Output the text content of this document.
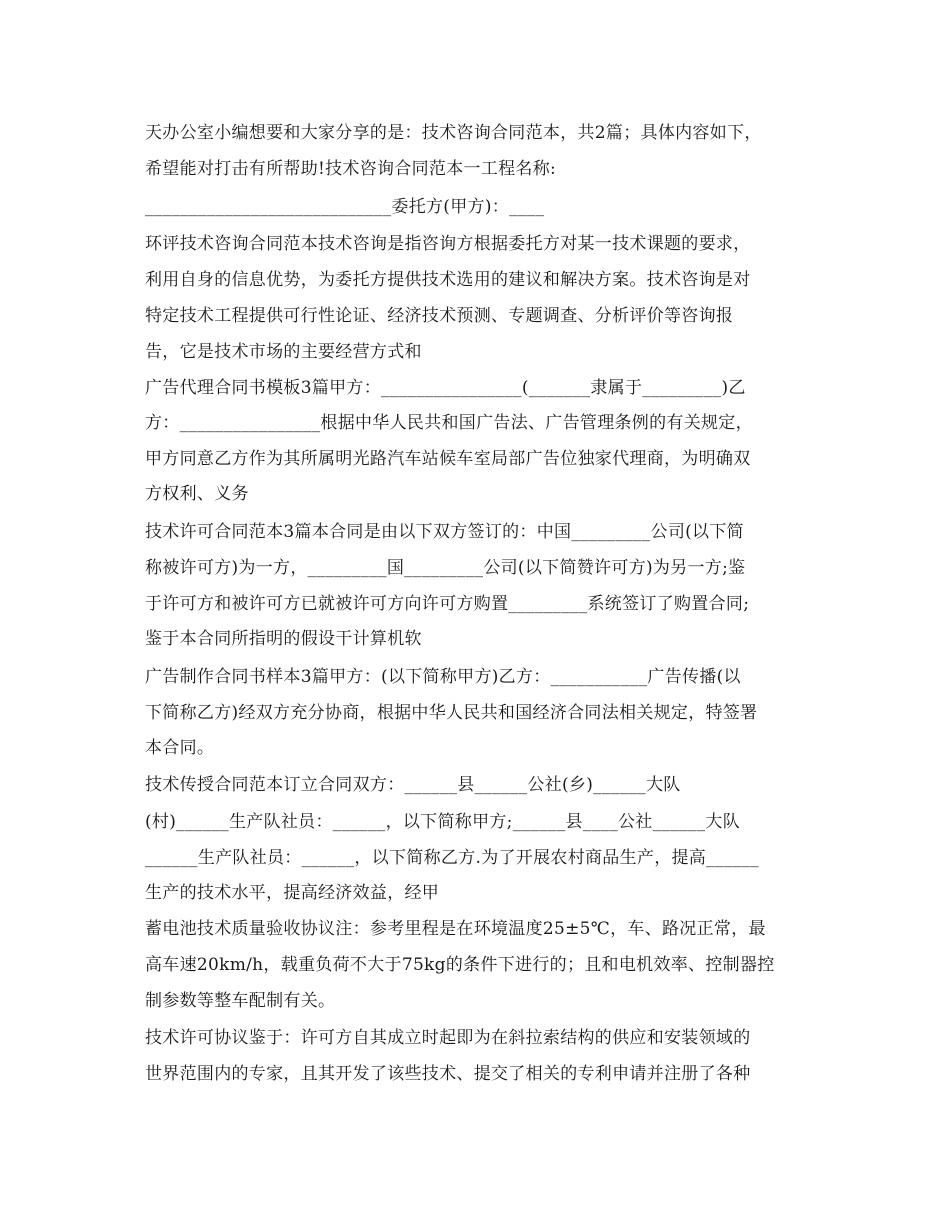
天办公室小编想要和大家分享的是：技术咨询合同范本，共2篇；具体内容如下，
希望能对打击有所帮助!技术咨询合同范本一工程名称:
____________________________委托方(甲方)：____
环评技术咨询合同范本技术咨询是指咨询方根据委托方对某一技术课题的要求，
利用自身的信息优势，为委托方提供技术选用的建议和解决方案。技术咨询是对
特定技术工程提供可行性论证、经济技术预测、专题调查、分析评价等咨询报
告，它是技术市场的主要经营方式和
广告代理合同书模板3篇甲方：________________(_______隶属于_________)乙
方：________________根据中华人民共和国广告法、广告管理条例的有关规定，
甲方同意乙方作为其所属明光路汽车站候车室局部广告位独家代理商，为明确双
方权利、义务
技术许可合同范本3篇本合同是由以下双方签订的：中国_________公司(以下简
称被许可方)为一方，_________国_________公司(以下简赞许可方)为另一方;鉴
于许可方和被许可方已就被许可方向许可方购置_________系统签订了购置合同;
鉴于本合同所指明的假设干计算机软
广告制作合同书样本3篇甲方：(以下简称甲方)乙方：___________广告传播(以
下简称乙方)经双方充分协商，根据中华人民共和国经济合同法相关规定，特签署
本合同。
技术传授合同范本订立合同双方：______县______公社(乡)______大队
(村)______生产队社员：______，以下简称甲方;______县____公社______大队
______生产队社员：______，以下简称乙方.为了开展农村商品生产，提高______
生产的技术水平，提高经济效益，经甲
蓄电池技术质量验收协议注：参考里程是在环境温度25±5℃，车、路况正常，最
高车速20km/h，载重负荷不大于75kg的条件下进行的；且和电机效率、控制器控
制参数等整车配制有关。
技术许可协议鉴于：许可方自其成立时起即为在斜拉索结构的供应和安装领域的
世界范围内的专家，且其开发了该些技术、提交了相关的专利申请并注册了各种
